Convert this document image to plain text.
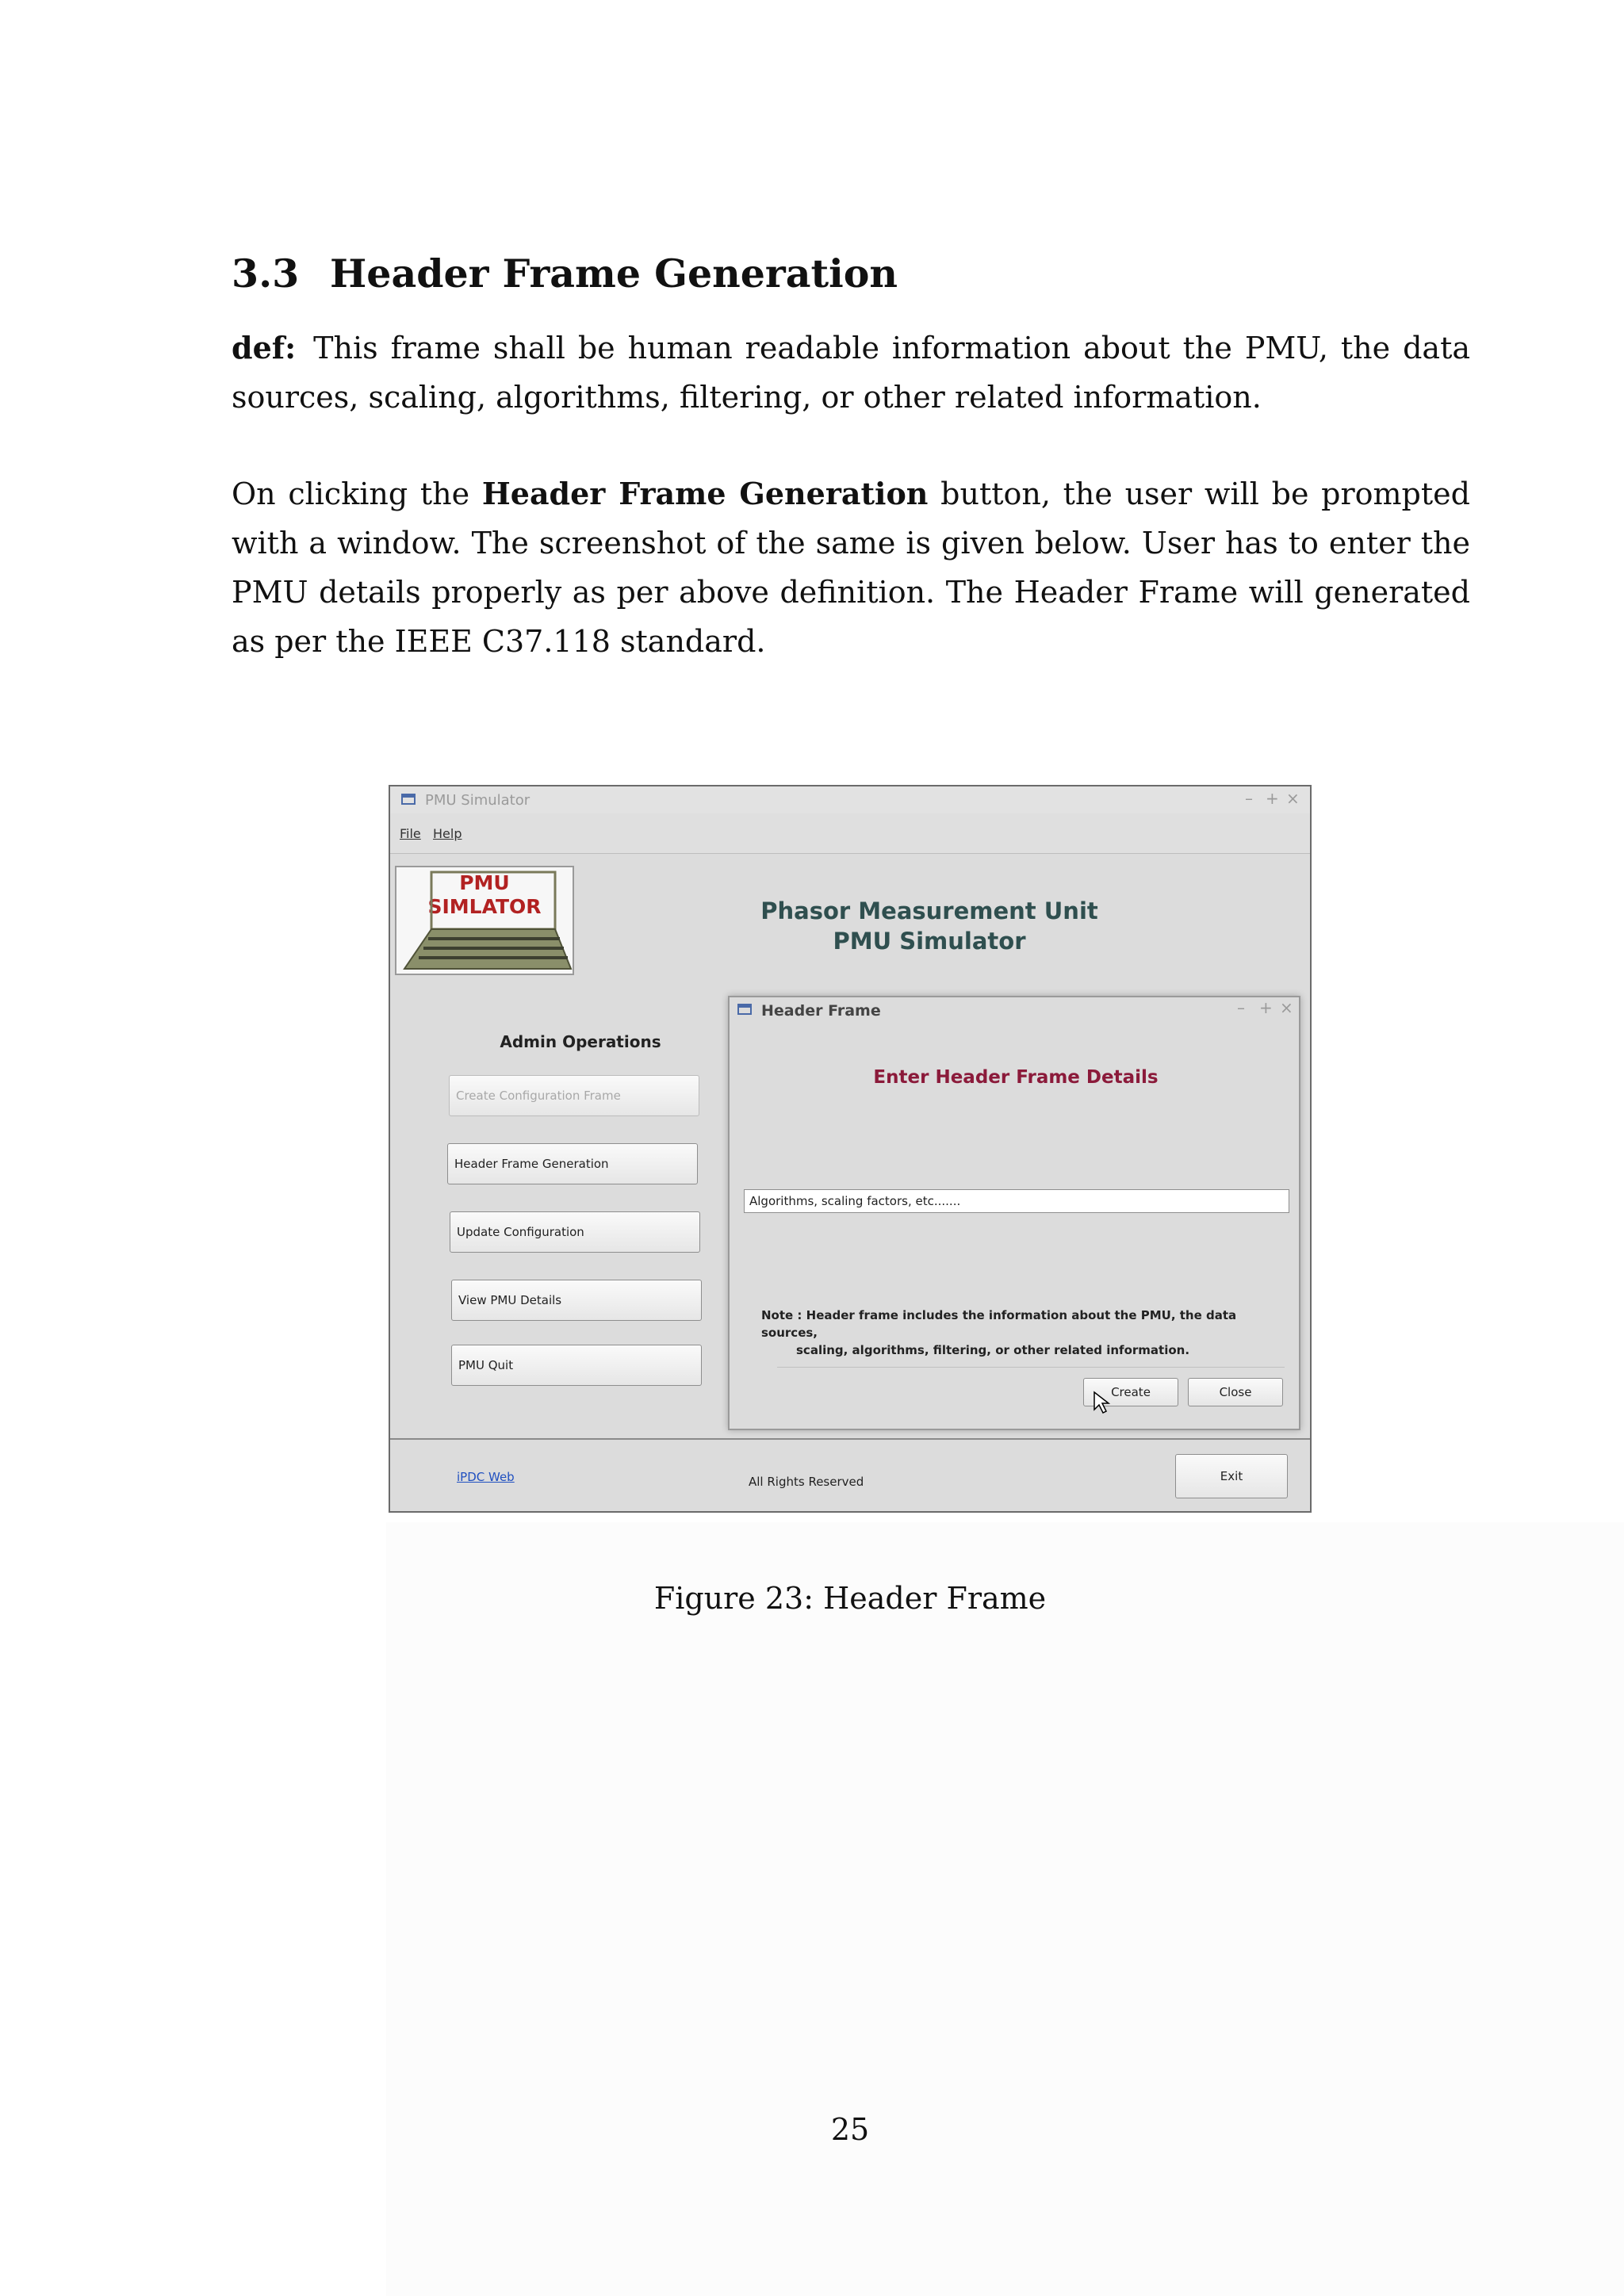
3.3 Header Frame Generation

def: This frame shall be human readable information about the PMU, the data sources, scaling, algorithms, filtering, or other related information.

On clicking the Header Frame Generation button, the user will be prompted with a window. The screenshot of the same is given below. User has to enter the PMU details properly as per above definition. The Header Frame will generated as per the IEEE C37.118 standard.

PMU Simulator	– + ×
File Help
PMU
SIMLATOR	Phasor Measurement Unit
PMU Simulator
Admin Operations
Create Configuration Frame
Header Frame Generation
Update Configuration
View PMU Details
PMU Quit
Header Frame	– + ×
Enter Header Frame Details
Algorithms, scaling factors, etc.......
Note : Header frame includes the information about the PMU, the data sources,
scaling, algorithms, filtering, or other related information.
Create	Close
iPDC Web	All Rights Reserved	Exit
Figure 23: Header Frame
25
